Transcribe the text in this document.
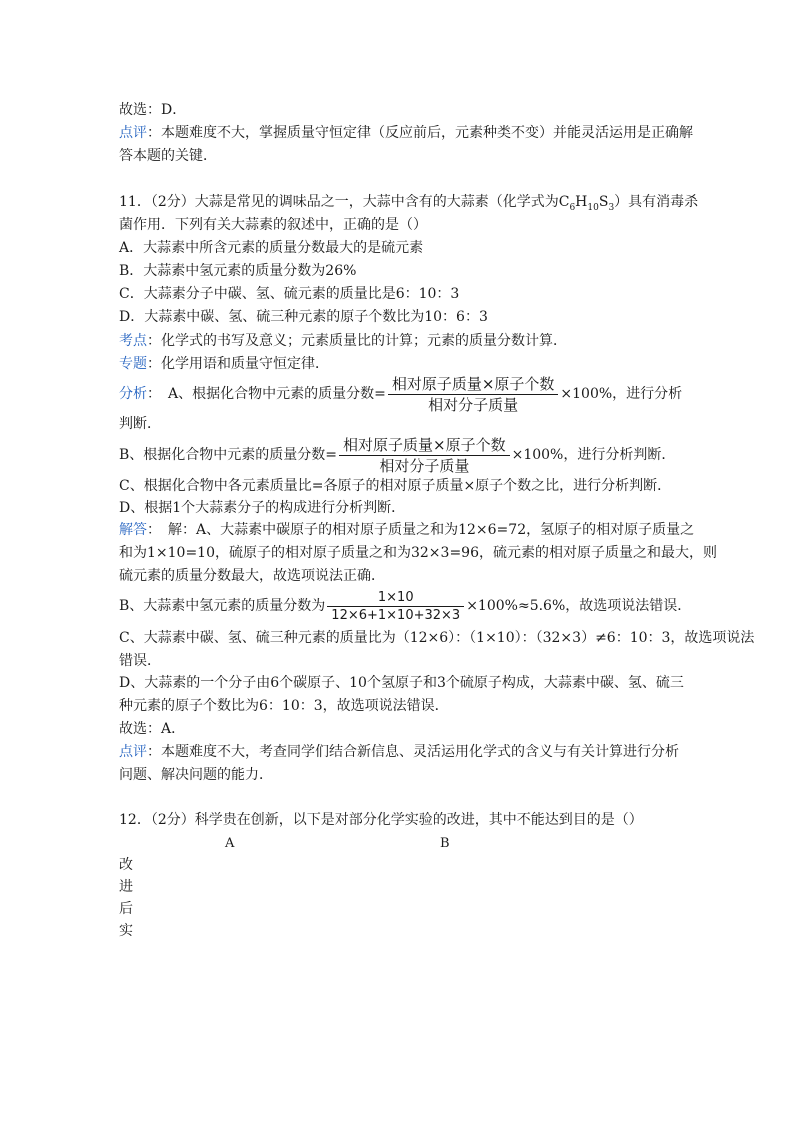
故选：D．
点评：本题难度不大，掌握质量守恒定律（反应前后，元素种类不变）并能灵活运用是正确解
答本题的关键．
11．（2分）大蒜是常见的调味品之一，大蒜中含有的大蒜素（化学式为$C_6H_{10}S_3$）具有消毒杀
菌作用．下列有关大蒜素的叙述中，正确的是（）
A．大蒜素中所含元素的质量分数最大的是硫元素
B．大蒜素中氢元素的质量分数为26%
C．大蒜素分子中碳、氢、硫元素的质量比是6：10：3
D．大蒜素中碳、氢、硫三种元素的原子个数比为10：6：3
考点：化学式的书写及意义；元素质量比的计算；元素的质量分数计算．
专题：化学用语和质量守恒定律．
分析：　A、根据化合物中元素的质量分数= $\frac{\text{相对原子质量×原子个数}}{\text{相对分子质量}} \times 100\%$，进行分析
判断．
B、根据化合物中元素的质量分数= $\frac{\text{相对原子质量×原子个数}}{\text{相对分子质量}} \times 100\%$，进行分析判断．
C、根据化合物中各元素质量比=各原子的相对原子质量×原子个数之比，进行分析判断．
D、根据1个大蒜素分子的构成进行分析判断．
解答：　解：A、大蒜素中碳原子的相对原子质量之和为12×6=72，氢原子的相对原子质量之
和为1×10=10，硫原子的相对原子质量之和为32×3=96，硫元素的相对原子质量之和最大，则
硫元素的质量分数最大，故选项说法正确．
B、大蒜素中氢元素的质量分数为 $\frac{1\times 10}{12\times 6+1\times 10+32\times 3} \times 100\%\approx 5.6\%$，故选项说法错误．
C、大蒜素中碳、氢、硫三种元素的质量比为（12×6）：（1×10）：（32×3）≠6：10：3，故选项说法
错误．
D、大蒜素的一个分子由6个碳原子、10个氢原子和3个硫原子构成，大蒜素中碳、氢、硫三
种元素的原子个数比为6：10：3，故选项说法错误．
故选：A．
点评：本题难度不大，考查同学们结合新信息、灵活运用化学式的含义与有关计算进行分析
问题、解决问题的能力．
12．（2分）科学贵在创新，以下是对部分化学实验的改进，其中不能达到目的是（）
A	B
改
进
后
实
